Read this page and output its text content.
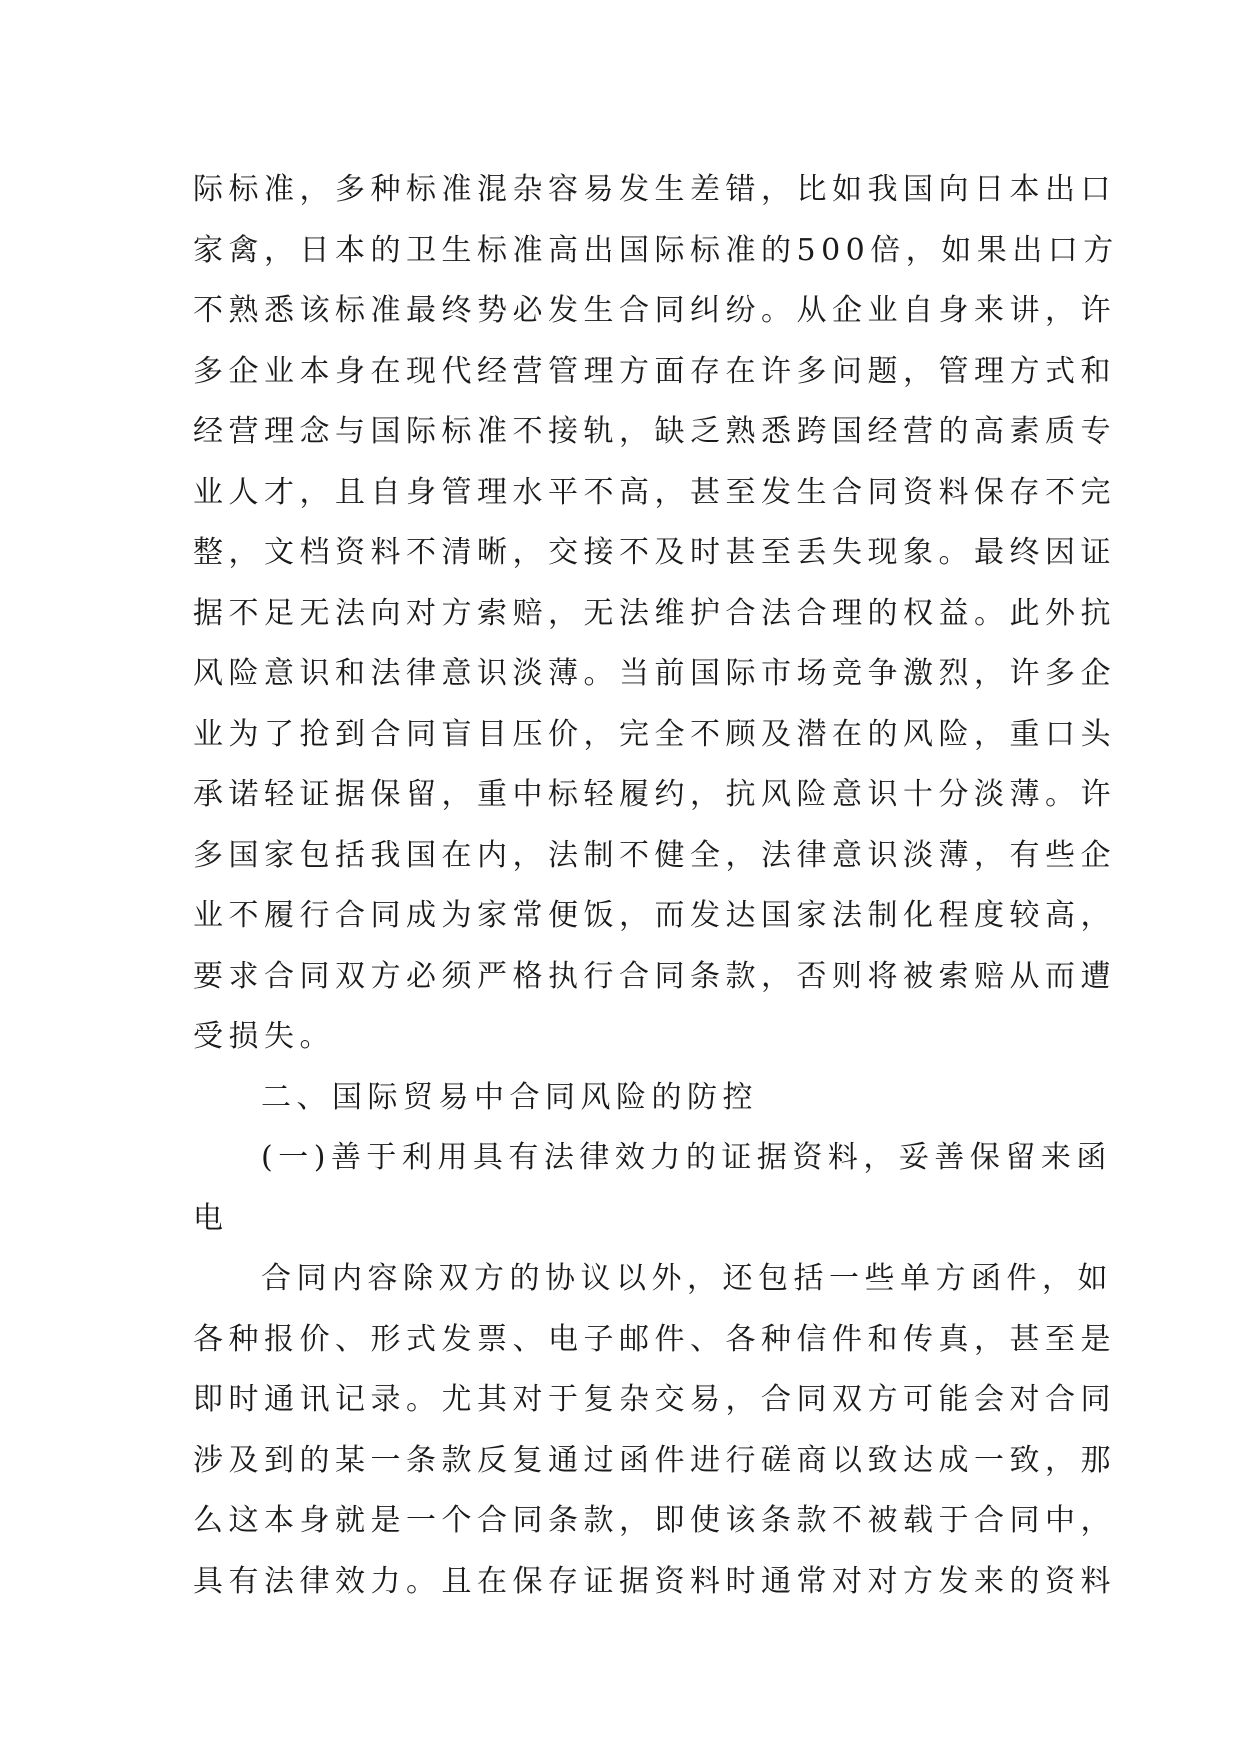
际标准，多种标准混杂容易发生差错，比如我国向日本出口
家禽，日本的卫生标准高出国际标准的500倍，如果出口方
不熟悉该标准最终势必发生合同纠纷。从企业自身来讲，许
多企业本身在现代经营管理方面存在许多问题，管理方式和
经营理念与国际标准不接轨，缺乏熟悉跨国经营的高素质专
业人才，且自身管理水平不高，甚至发生合同资料保存不完
整，文档资料不清晰，交接不及时甚至丢失现象。最终因证
据不足无法向对方索赔，无法维护合法合理的权益。此外抗
风险意识和法律意识淡薄。当前国际市场竞争激烈，许多企
业为了抢到合同盲目压价，完全不顾及潜在的风险，重口头
承诺轻证据保留，重中标轻履约，抗风险意识十分淡薄。许
多国家包括我国在内，法制不健全，法律意识淡薄，有些企
业不履行合同成为家常便饭，而发达国家法制化程度较高，
要求合同双方必须严格执行合同条款，否则将被索赔从而遭
受损失。
二、国际贸易中合同风险的防控
(一)善于利用具有法律效力的证据资料，妥善保留来函
电
合同内容除双方的协议以外，还包括一些单方函件，如
各种报价、形式发票、电子邮件、各种信件和传真，甚至是
即时通讯记录。尤其对于复杂交易，合同双方可能会对合同
涉及到的某一条款反复通过函件进行磋商以致达成一致，那
么这本身就是一个合同条款，即使该条款不被载于合同中，
具有法律效力。且在保存证据资料时通常对对方发来的资料
